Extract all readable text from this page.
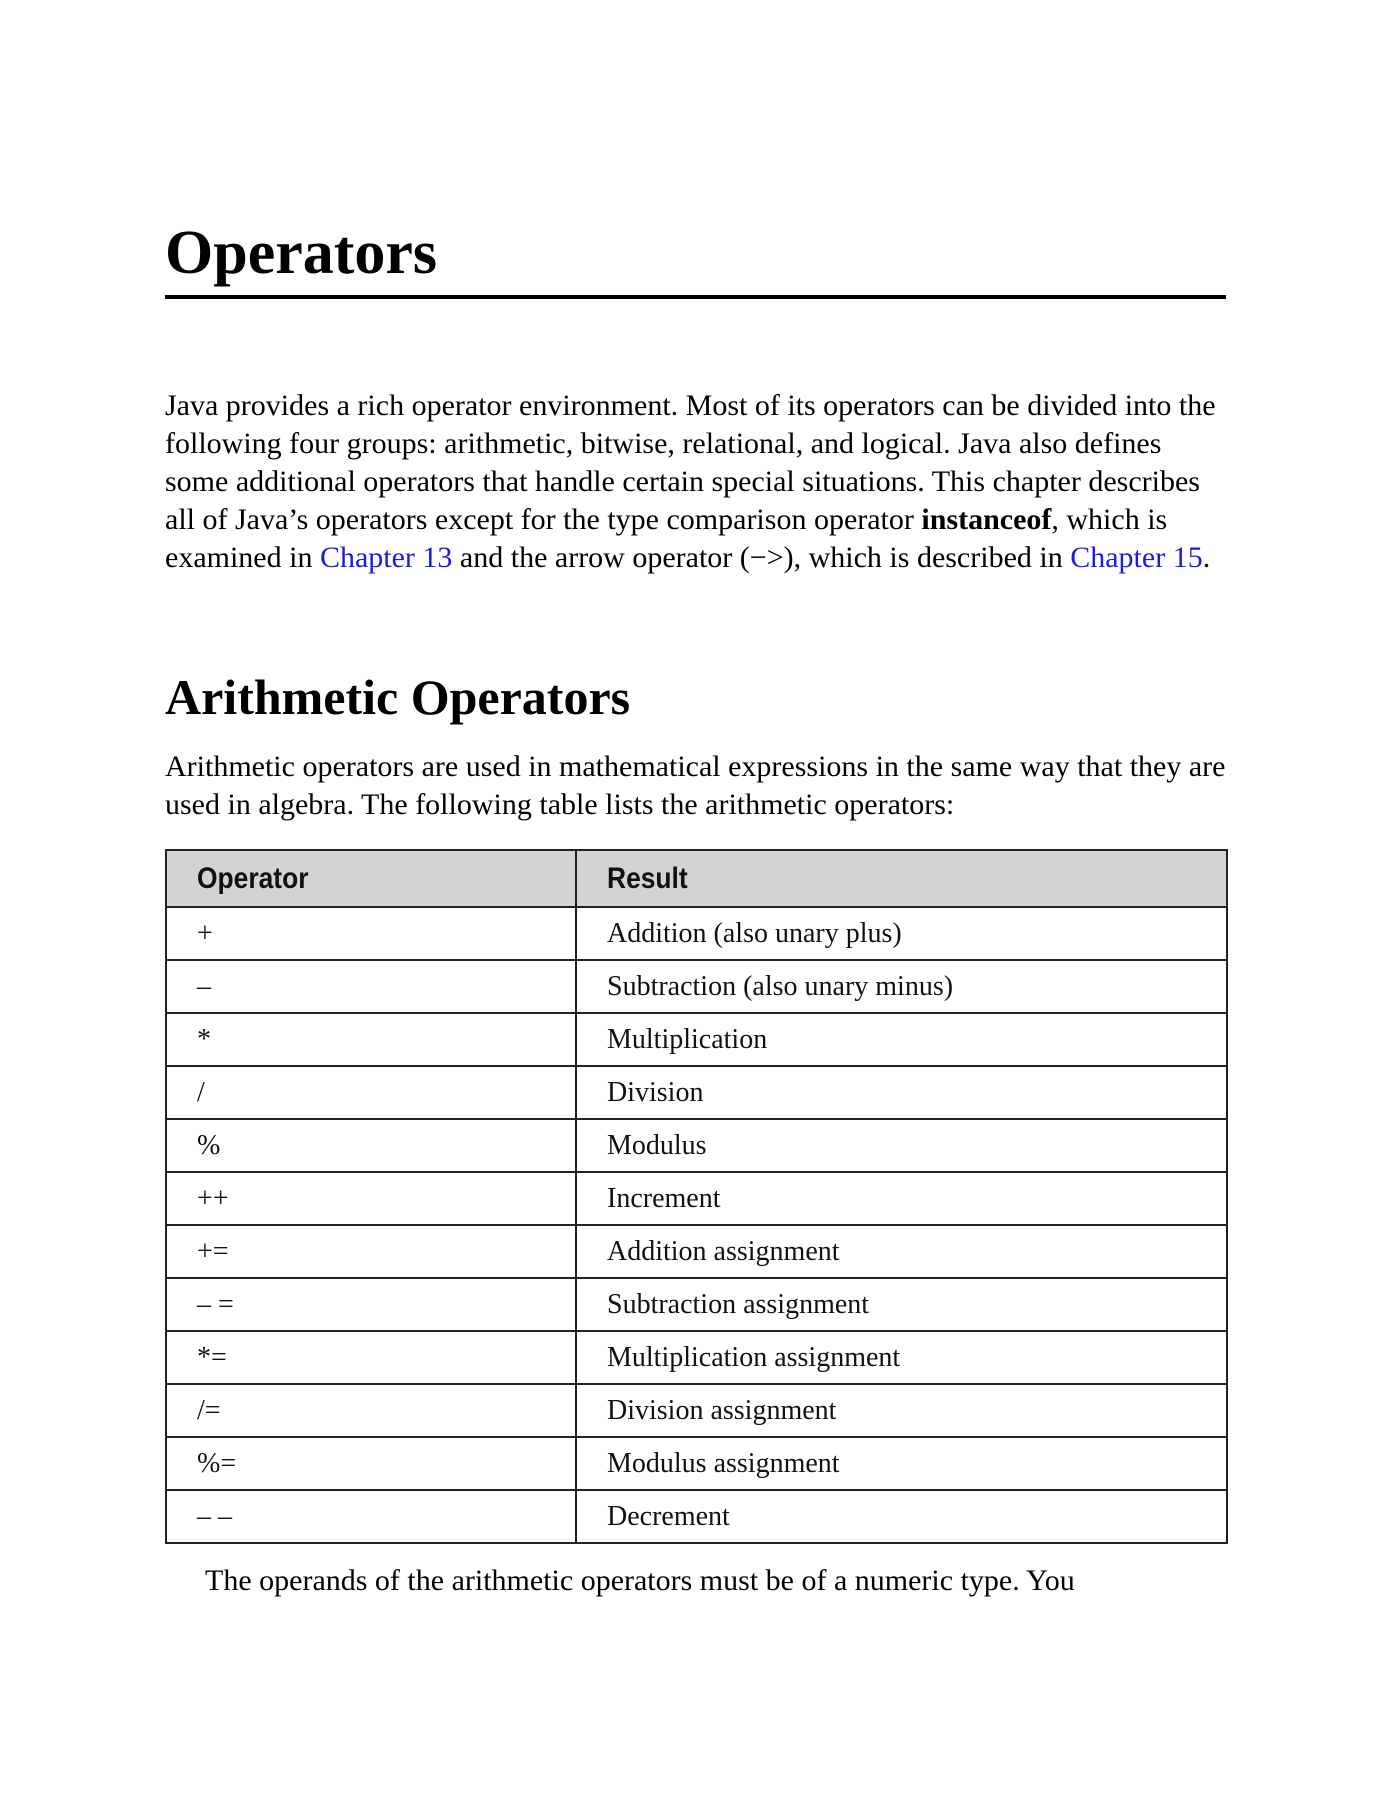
Operators

Java provides a rich operator environment. Most of its operators can be divided into the following four groups: arithmetic, bitwise, relational, and logical. Java also defines some additional operators that handle certain special situations. This chapter describes all of Java’s operators except for the type comparison operator instanceof, which is examined in Chapter 13 and the arrow operator (−>), which is described in Chapter 15.

Arithmetic Operators

Arithmetic operators are used in mathematical expressions in the same way that they are used in algebra. The following table lists the arithmetic operators:

Operator	Result
+	Addition (also unary plus)
–	Subtraction (also unary minus)
*	Multiplication
/	Division
%	Modulus
++	Increment
+=	Addition assignment
– =	Subtraction assignment
*=	Multiplication assignment
/=	Division assignment
%=	Modulus assignment
– –	Decrement

The operands of the arithmetic operators must be of a numeric type. You
